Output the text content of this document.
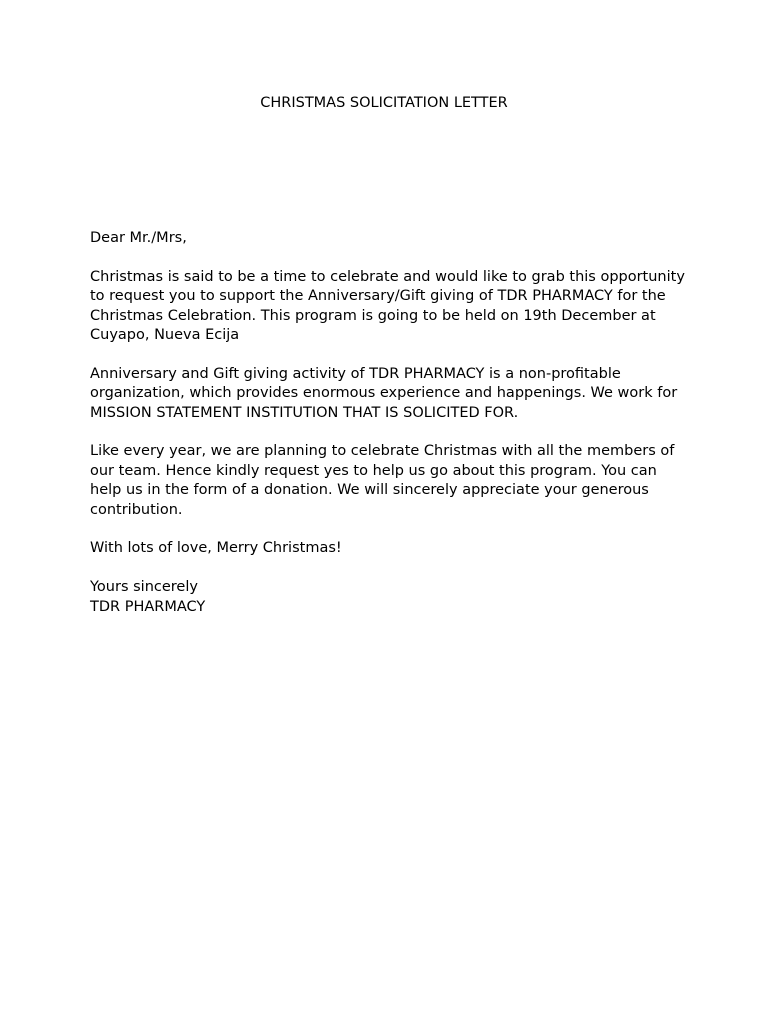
CHRISTMAS SOLICITATION LETTER

Dear Mr./Mrs,

Christmas is said to be a time to celebrate and would like to grab this opportunity to request you to support the Anniversary/Gift giving of TDR PHARMACY for the Christmas Celebration. This program is going to be held on 19th December at Cuyapo, Nueva Ecija

Anniversary and Gift giving activity of TDR PHARMACY is a non-profitable organization, which provides enormous experience and happenings. We work for MISSION STATEMENT INSTITUTION THAT IS SOLICITED FOR.

Like every year, we are planning to celebrate Christmas with all the members of our team. Hence kindly request yes to help us go about this program. You can help us in the form of a donation. We will sincerely appreciate your generous contribution.

With lots of love, Merry Christmas!

Yours sincerely

TDR PHARMACY
